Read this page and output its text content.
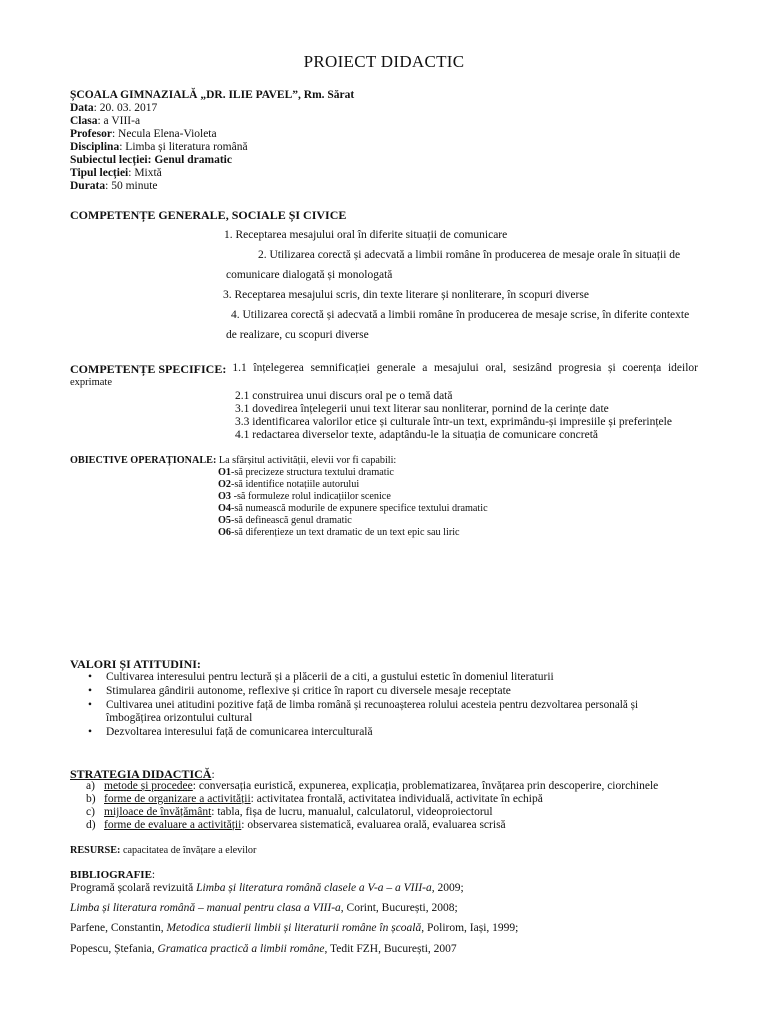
PROIECT DIDACTIC
ȘCOALA GIMNAZIALĂ „DR. ILIE PAVEL”, Rm. Sărat
Data: 20. 03. 2017
Clasa: a VIII-a
Profesor: Necula Elena-Violeta
Disciplina: Limba și literatura română
Subiectul lecției: Genul dramatic
Tipul lecției: Mixtă
Durata: 50 minute
COMPETENȚE GENERALE, SOCIALE ȘI CIVICE
1. Receptarea mesajului oral în diferite situații de comunicare
2. Utilizarea corectă și adecvată a limbii române în producerea de mesaje orale în situații de
comunicare dialogată și monologată
3. Receptarea mesajului scris, din texte literare și nonliterare, în scopuri diverse
4. Utilizarea corectă și adecvată a limbii române în producerea de mesaje scrise, în diferite contexte
de realizare, cu scopuri diverse
COMPETENȚE SPECIFICE: 1.1 înțelegerea semnificației generale a mesajului oral, sesizând progresia și coerența ideilor
exprimate
2.1 construirea unui discurs oral pe o temă dată
3.1 dovedirea înțelegerii unui text literar sau nonliterar, pornind de la cerințe date
3.3 identificarea valorilor etice și culturale într-un text, exprimându-și impresiile și preferințele
4.1 redactarea diverselor texte, adaptându-le la situația de comunicare concretă
OBIECTIVE OPERAȚIONALE: La sfârșitul activității, elevii vor fi capabili:
O1-să precizeze structura textului dramatic
O2-să identifice notațiile autorului
O3 -să formuleze rolul indicațiilor scenice
O4-să numească modurile de expunere specifice textului dramatic
O5-să definească genul dramatic
O6-să diferențieze un text dramatic de un text epic sau liric
VALORI ȘI ATITUDINI:
• Cultivarea interesului pentru lectură și a plăcerii de a citi, a gustului estetic în domeniul literaturii
• Stimularea gândirii autonome, reflexive și critice în raport cu diversele mesaje receptate
• Cultivarea unei atitudini pozitive față de limba română și recunoașterea rolului acesteia pentru dezvoltarea personală și
îmbogățirea orizontului cultural
• Dezvoltarea interesului față de comunicarea interculturală
STRATEGIA DIDACTICĂ:
a) metode și procedee: conversația euristică, expunerea, explicația, problematizarea, învățarea prin descoperire, ciorchinele
b) forme de organizare a activității: activitatea frontală, activitatea individuală, activitate în echipă
c) mijloace de învățământ: tabla, fișa de lucru, manualul, calculatorul, videoproiectorul
d) forme de evaluare a activității: observarea sistematică, evaluarea orală, evaluarea scrisă
RESURSE: capacitatea de învățare a elevilor
BIBLIOGRAFIE:
Programă școlară revizuită Limba și literatura română clasele a V-a – a VIII-a, 2009;
Limba și literatura română – manual pentru clasa a VIII-a, Corint, București, 2008;
Parfene, Constantin, Metodica studierii limbii și literaturii române în școală, Polirom, Iași, 1999;
Popescu, Ștefania, Gramatica practică a limbii române, Tedit FZH, București, 2007
